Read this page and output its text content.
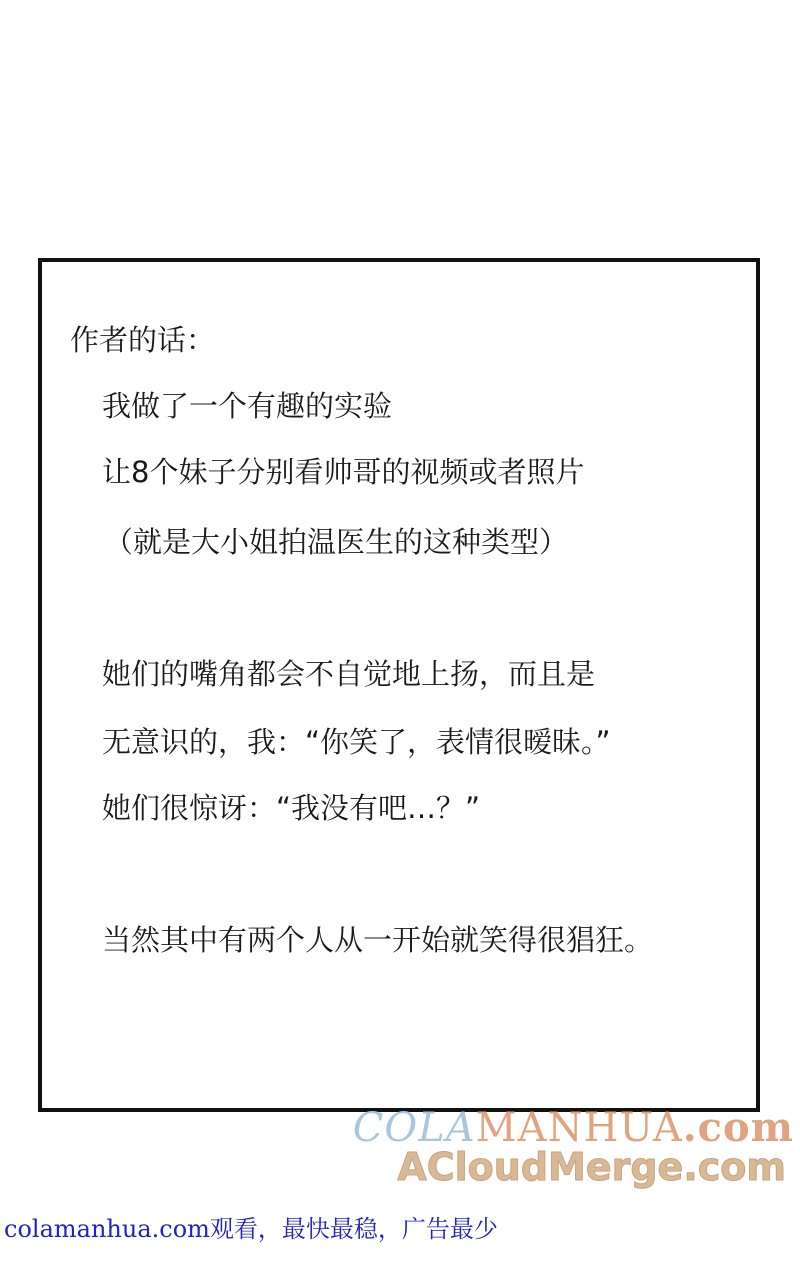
作者的话：
我做了一个有趣的实验
让8个妹子分别看帅哥的视频或者照片
（就是大小姐拍温医生的这种类型）
她们的嘴角都会不自觉地上扬，而且是
无意识的，我：“你笑了，表情很暧昧。”
她们很惊讶：“我没有吧…？”
当然其中有两个人从一开始就笑得很猖狂。
COLAMANHUA.com
ACloudMerge.com
colamanhua.com观看，最快最稳，广告最少
